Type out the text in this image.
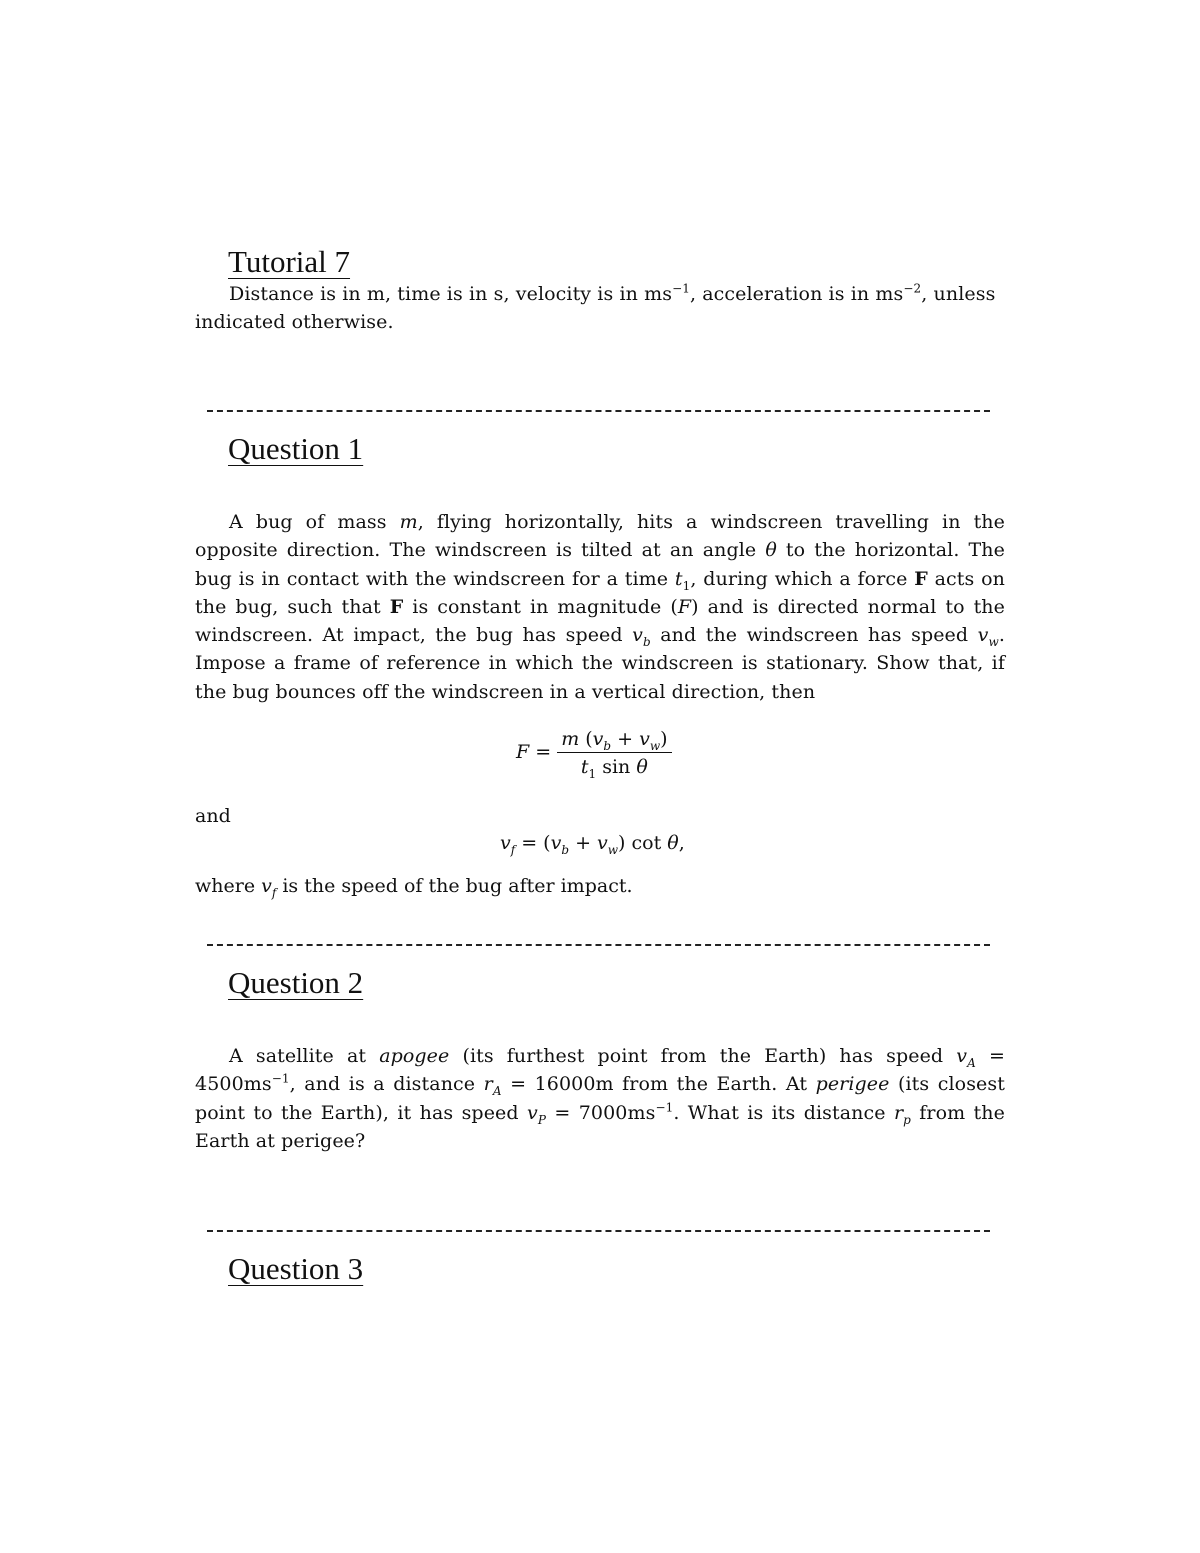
Tutorial 7
Distance is in m, time is in s, velocity is in $ms^{-1}$, acceleration is in $ms^{-2}$, unless
indicated otherwise.
Question 1
A bug of mass m, flying horizontally, hits a windscreen travelling in the opposite direction. The windscreen is tilted at an angle θ to the horizontal. The bug is in contact with the windscreen for a time $t_1$, during which a force F acts on the bug, such that F is constant in magnitude (F) and is directed normal to the windscreen. At impact, the bug has speed $v_b$ and the windscreen has speed $v_w$. Impose a frame of reference in which the windscreen is stationary. Show that, if the bug bounces off the windscreen in a vertical direction, then
$F = \frac{m (v_b + v_w)}{t_1 \sin \theta}$
and
$v_f = (v_b + v_w)$ cot θ,
where $v_f$ is the speed of the bug after impact.
Question 2
A satellite at apogee (its furthest point from the Earth) has speed $v_A = 4500ms^{-1}$, and is a distance $r_A = 16000m$ from the Earth. At perigee (its closest point to the Earth), it has speed $v_P = 7000ms^{-1}$. What is its distance $r_p$ from the Earth at perigee?
Question 3
